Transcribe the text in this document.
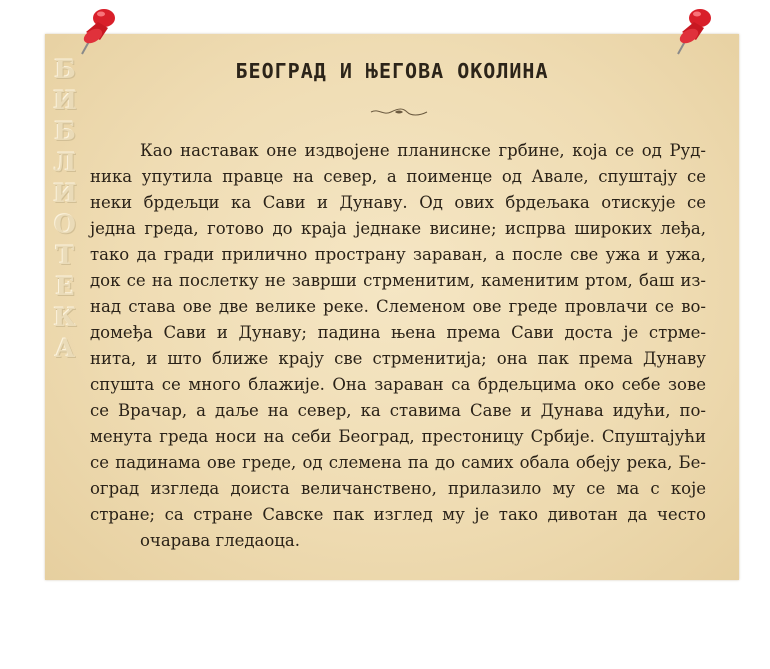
Б
И
Б
Л
И
О
Т
Е
К
А
БЕОГРАД И ЊЕГОВА ОКОЛИНА
Као наставак оне издвојене планинске грбине, која се од Руд-
ника упутила правце на север, а поименце од Авале, спуштају се
неки брдељци ка Сави и Дунаву. Од ових брдељака отискује се
једна греда, готово до краја једнаке висине; испрва широких леђа,
тако да гради прилично пространу зараван, а после све ужа и ужа,
док се на послетку не заврши стрменитим, каменитим ртом, баш из-
над става ове две велике реке. Слеменом ове греде провлачи се во-
домеђа Сави и Дунаву; падина њена према Сави доста је стрме-
нита, и што ближе крају све стрменитија; она пак према Дунаву
спушта се много блажије. Она зараван са брдељцима око себе зове
се Врачар, а даље на север, ка ставима Саве и Дунава идући, по-
менута греда носи на себи Београд, престоницу Србије. Спуштајући
се падинама ове греде, од слемена па до самих обала обеју река, Бе-
оград изгледа доиста величанствено, прилазило му се ма с које
стране; са стране Савске пак изглед му је тако дивотан да често
очарава гледаоца.
